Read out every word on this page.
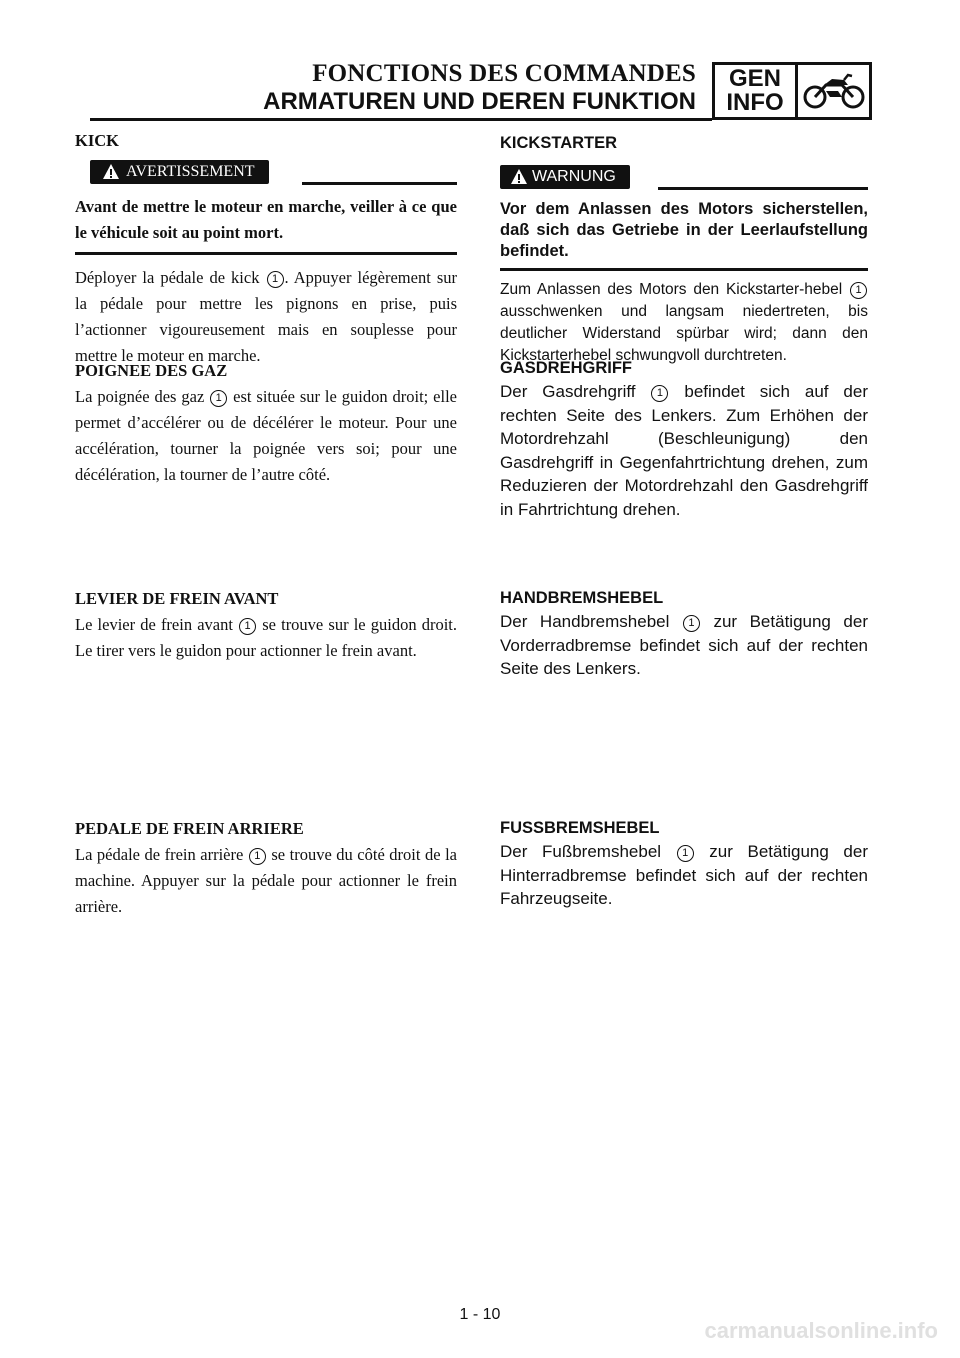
FONCTIONS DES COMMANDES
ARMATUREN UND DEREN FUNKTION
GEN
INFO

KICK

AVERTISSEMENT

Avant de mettre le moteur en marche, veiller à ce que le véhicule soit au point mort.

Déployer la pédale de kick 1 . Appuyer légèrement sur la pédale pour mettre les pignons en prise, puis l’actionner vigoureusement mais en souplesse pour mettre le moteur en marche.

POIGNEE DES GAZ

La poignée des gaz 1 est située sur le guidon droit; elle permet d’accélérer ou de décélérer le moteur. Pour une accélération, tourner la poignée vers soi; pour une décélération, la tourner de l’autre côté.

LEVIER DE FREIN AVANT

Le levier de frein avant 1 se trouve sur le guidon droit. Le tirer vers le guidon pour actionner le frein avant.

PEDALE DE FREIN ARRIERE

La pédale de frein arrière 1 se trouve du côté droit de la machine. Appuyer sur la pédale pour actionner le frein arrière.

KICKSTARTER

WARNUNG

Vor dem Anlassen des Motors sicherstellen, daß sich das Getriebe in der Leerlaufstellung befindet.

Zum Anlassen des Motors den Kickstarter-hebel 1 ausschwenken und langsam niedertreten, bis deutlicher Widerstand spürbar wird; dann den Kickstarterhebel schwungvoll durchtreten.

GASDREHGRIFF

Der Gasdrehgriff 1 befindet sich auf der rechten Seite des Lenkers. Zum Erhöhen der Motordrehzahl (Beschleunigung) den Gasdrehgriff in Gegenfahrtrichtung drehen, zum Reduzieren der Motordrehzahl den Gasdrehgriff in Fahrtrichtung drehen.

HANDBREMSHEBEL

Der Handbremshebel 1 zur Betätigung der Vorderradbremse befindet sich auf der rechten Seite des Lenkers.

FUSSBREMSHEBEL

Der Fußbremshebel 1 zur Betätigung der Hinterradbremse befindet sich auf der rechten Fahrzeugseite.

1 - 10
carmanualsonline.info
